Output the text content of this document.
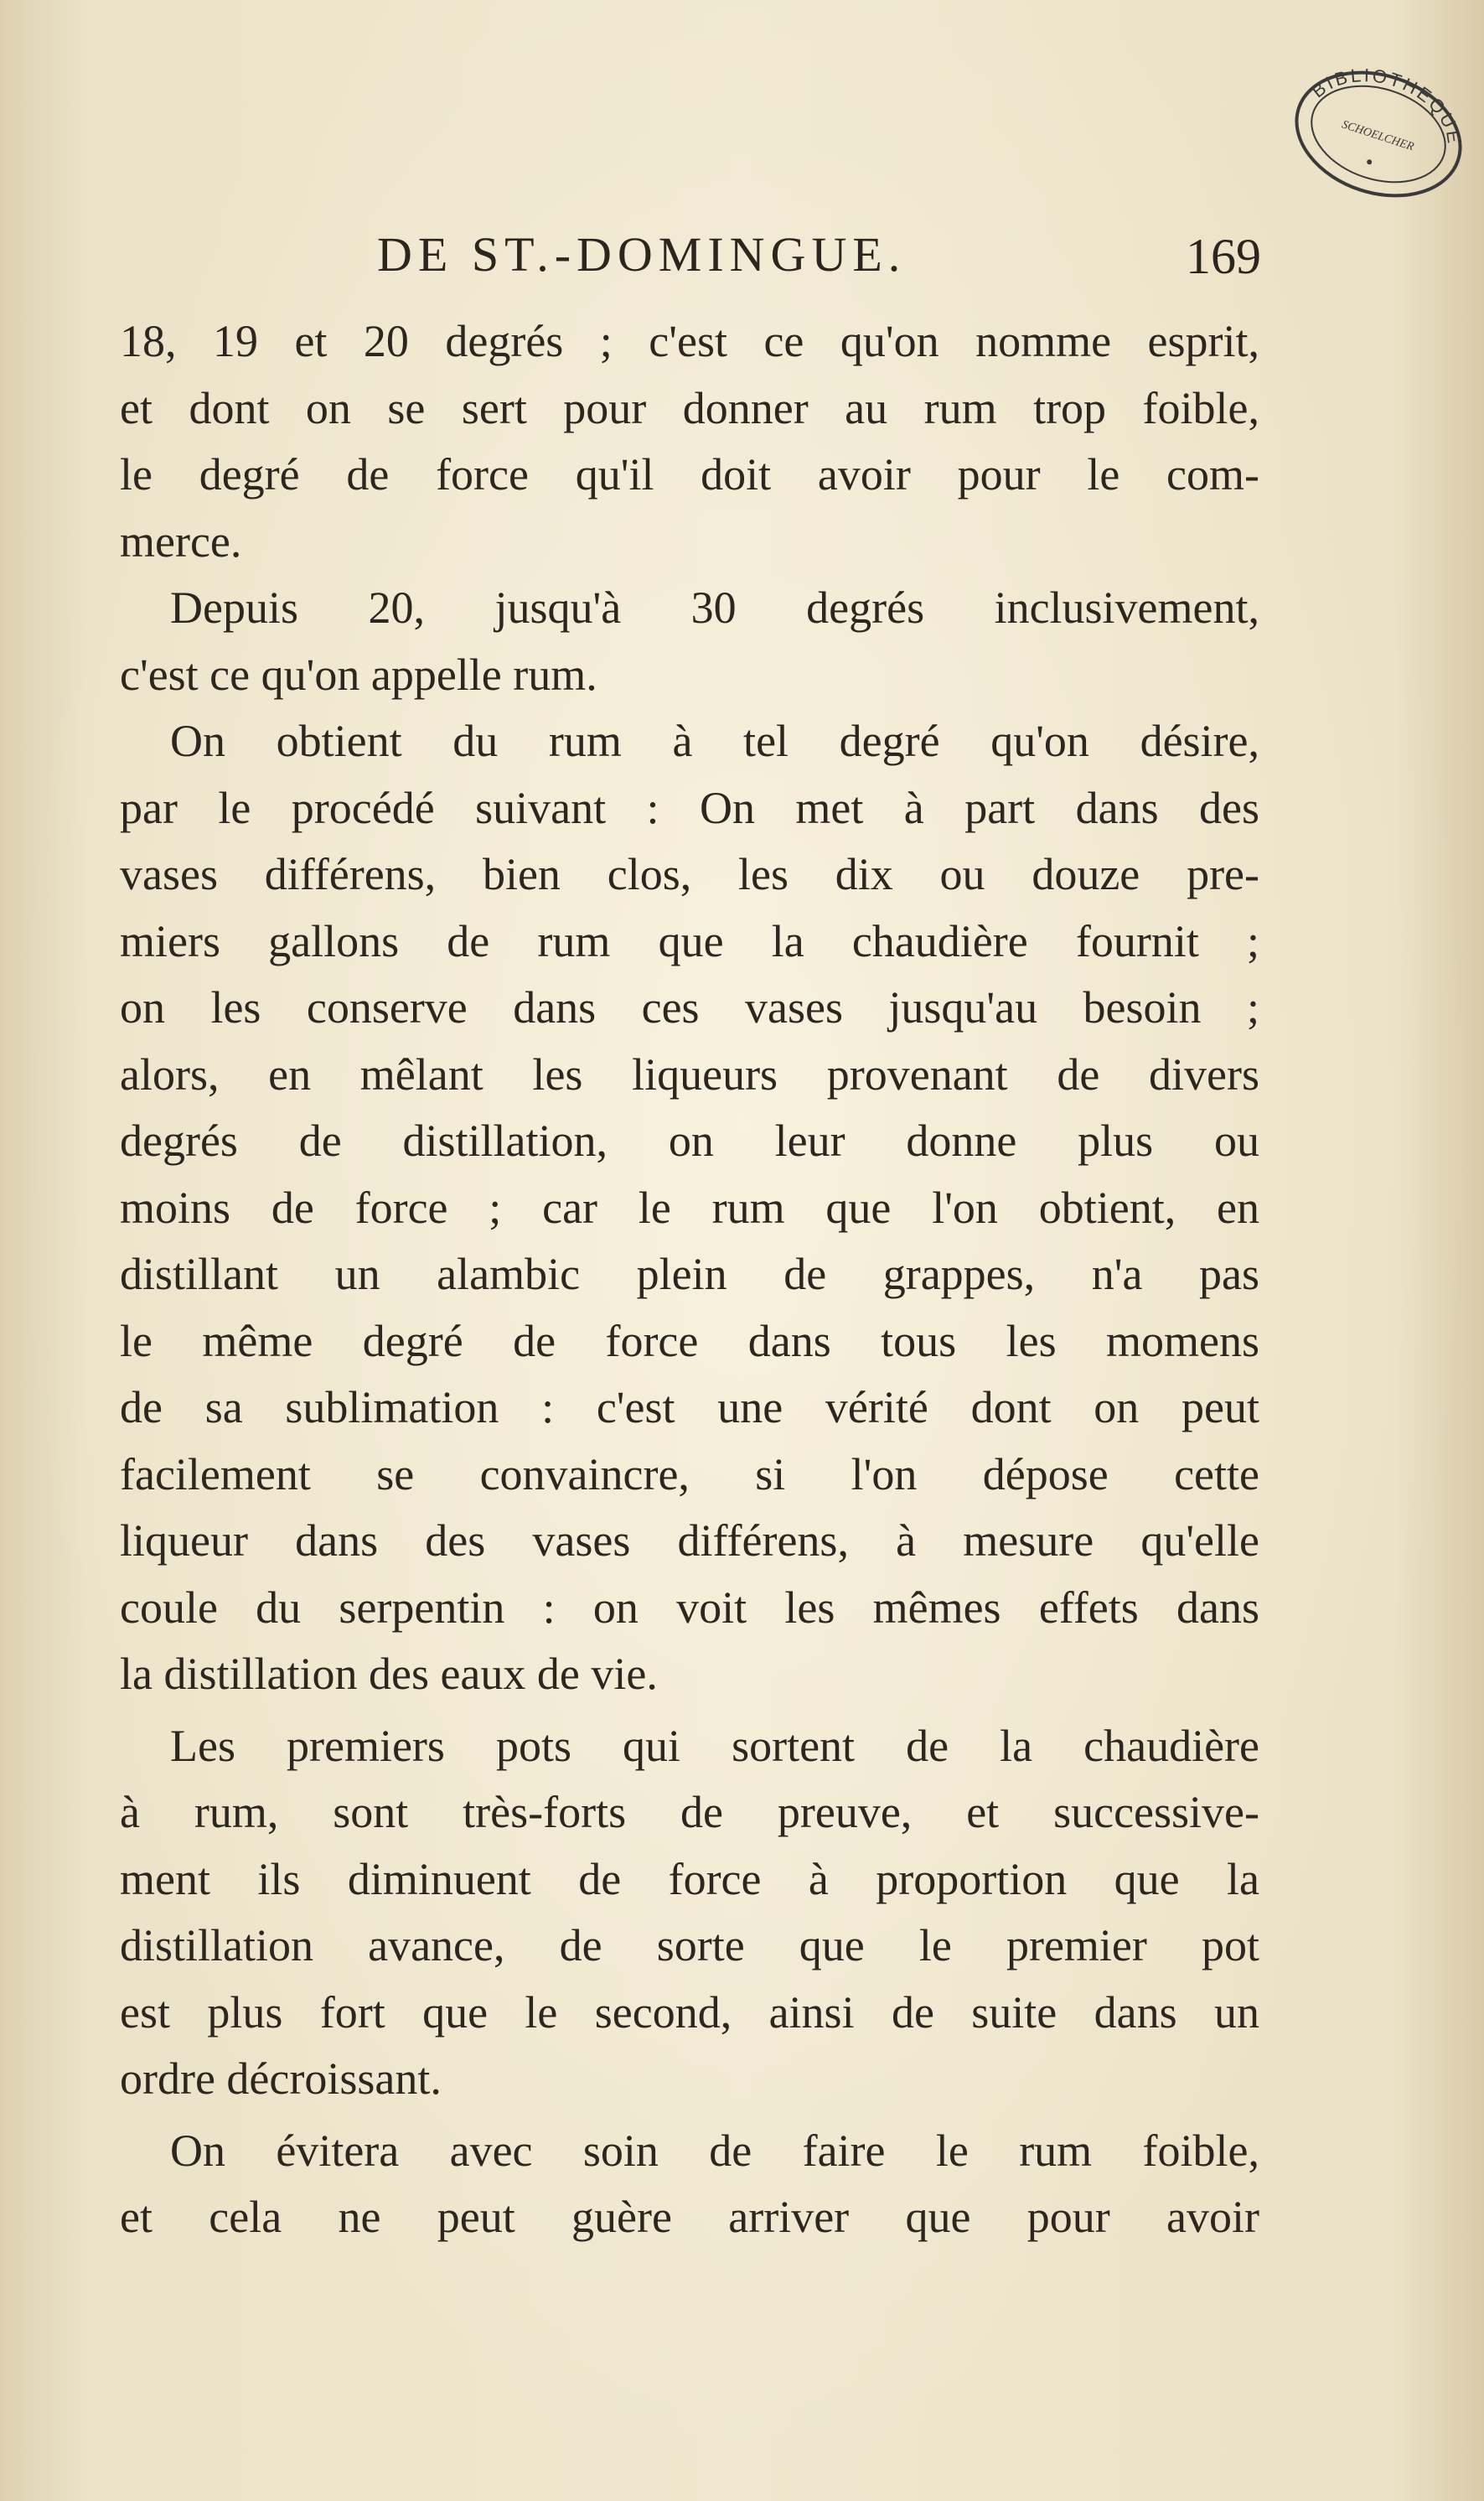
BIBLIOTHEQUE
SCHOELCHER
DE ST.-DOMINGUE.	169

18, 19 et 20 degrés ; c'est ce qu'on nomme esprit,
et dont on se sert pour donner au rum trop foible,
le degré de force qu'il doit avoir pour le com-
merce.

Depuis 20, jusqu'à 30 degrés inclusivement,
c'est ce qu'on appelle rum.

On obtient du rum à tel degré qu'on désire,
par le procédé suivant : On met à part dans des
vases différens, bien clos, les dix ou douze pre-
miers gallons de rum que la chaudière fournit ;
on les conserve dans ces vases jusqu'au besoin ;
alors, en mêlant les liqueurs provenant de divers
degrés de distillation, on leur donne plus ou
moins de force ; car le rum que l'on obtient, en
distillant un alambic plein de grappes, n'a pas
le même degré de force dans tous les momens
de sa sublimation : c'est une vérité dont on peut
facilement se convaincre, si l'on dépose cette
liqueur dans des vases différens, à mesure qu'elle
coule du serpentin : on voit les mêmes effets dans
la distillation des eaux de vie.

Les premiers pots qui sortent de la chaudière
à rum, sont très-forts de preuve, et successive-
ment ils diminuent de force à proportion que la
distillation avance, de sorte que le premier pot
est plus fort que le second, ainsi de suite dans un
ordre décroissant.

On évitera avec soin de faire le rum foible,
et cela ne peut guère arriver que pour avoir
